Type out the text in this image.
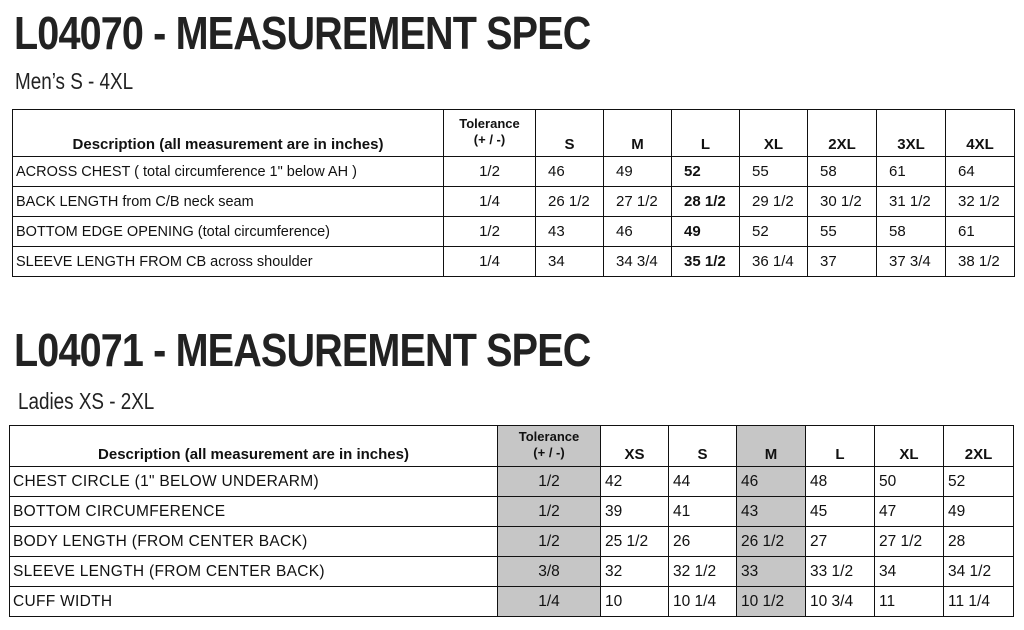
L04070 - MEASUREMENT SPEC
Men’s S - 4XL
Description (all measurement are in inches)	Tolerance
(+ / -)	S	M	L	XL	2XL	3XL	4XL
ACROSS CHEST ( total circumference 1" below AH )	1/2	46	49	52	55	58	61	64
BACK LENGTH from C/B neck seam	1/4	26 1/2	27 1/2	28 1/2	29 1/2	30 1/2	31 1/2	32 1/2
BOTTOM EDGE OPENING (total circumference)	1/2	43	46	49	52	55	58	61
SLEEVE LENGTH FROM CB across shoulder	1/4	34	34 3/4	35 1/2	36 1/4	37	37 3/4	38 1/2
L04071 - MEASUREMENT SPEC
Ladies XS - 2XL
Description (all measurement are in inches)	Tolerance
(+ / -)	XS	S	M	L	XL	2XL
CHEST CIRCLE (1" BELOW UNDERARM)	1/2	42	44	46	48	50	52
BOTTOM CIRCUMFERENCE	1/2	39	41	43	45	47	49
BODY LENGTH (FROM CENTER BACK)	1/2	25 1/2	26	26 1/2	27	27 1/2	28
SLEEVE LENGTH (FROM CENTER BACK)	3/8	32	32 1/2	33	33 1/2	34	34 1/2
CUFF WIDTH	1/4	10	10 1/4	10 1/2	10 3/4	11	11 1/4
